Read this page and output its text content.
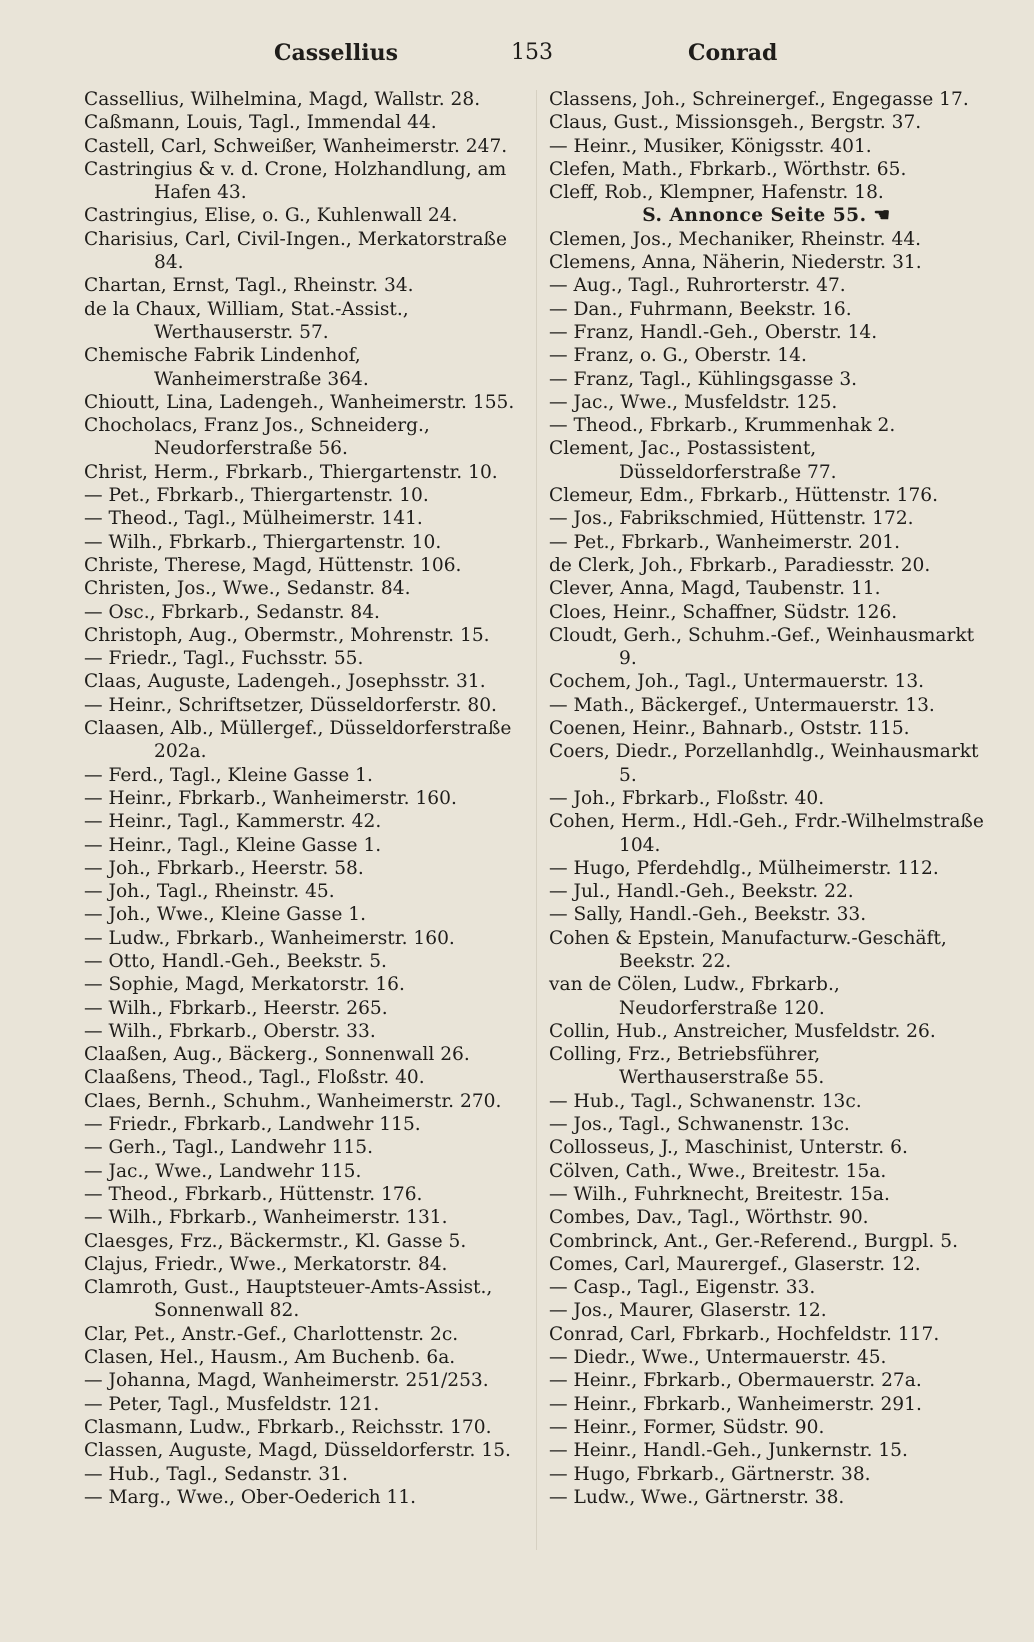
Cassellius	153	Conrad
Cassellius, Wilhelmina, Magd, Wallstr. 28.
Caßmann, Louis, Tagl., Immendal 44.
Castell, Carl, Schweißer, Wanheimerstr. 247.
Castringius & v. d. Crone, Holzhandlung, am Hafen 43.
Castringius, Elise, o. G., Kuhlenwall 24.
Charisius, Carl, Civil-Ingen., Merkatorstraße 84.
Chartan, Ernst, Tagl., Rheinstr. 34.
de la Chaux, William, Stat.-Assist., Werthauserstr. 57.
Chemische Fabrik Lindenhof, Wanheimerstraße 364.
Chioutt, Lina, Ladengeh., Wanheimerstr. 155.
Chocholacs, Franz Jos., Schneiderg., Neudorferstraße 56.
Christ, Herm., Fbrkarb., Thiergartenstr. 10.
— Pet., Fbrkarb., Thiergartenstr. 10.
— Theod., Tagl., Mülheimerstr. 141.
— Wilh., Fbrkarb., Thiergartenstr. 10.
Christe, Therese, Magd, Hüttenstr. 106.
Christen, Jos., Wwe., Sedanstr. 84.
— Osc., Fbrkarb., Sedanstr. 84.
Christoph, Aug., Obermstr., Mohrenstr. 15.
— Friedr., Tagl., Fuchsstr. 55.
Claas, Auguste, Ladengeh., Josephsstr. 31.
— Heinr., Schriftsetzer, Düsseldorferstr. 80.
Claasen, Alb., Müllergef., Düsseldorferstraße 202a.
— Ferd., Tagl., Kleine Gasse 1.
— Heinr., Fbrkarb., Wanheimerstr. 160.
— Heinr., Tagl., Kammerstr. 42.
— Heinr., Tagl., Kleine Gasse 1.
— Joh., Fbrkarb., Heerstr. 58.
— Joh., Tagl., Rheinstr. 45.
— Joh., Wwe., Kleine Gasse 1.
— Ludw., Fbrkarb., Wanheimerstr. 160.
— Otto, Handl.-Geh., Beekstr. 5.
— Sophie, Magd, Merkatorstr. 16.
— Wilh., Fbrkarb., Heerstr. 265.
— Wilh., Fbrkarb., Oberstr. 33.
Claaßen, Aug., Bäckerg., Sonnenwall 26.
Claaßens, Theod., Tagl., Floßstr. 40.
Claes, Bernh., Schuhm., Wanheimerstr. 270.
— Friedr., Fbrkarb., Landwehr 115.
— Gerh., Tagl., Landwehr 115.
— Jac., Wwe., Landwehr 115.
— Theod., Fbrkarb., Hüttenstr. 176.
— Wilh., Fbrkarb., Wanheimerstr. 131.
Claesges, Frz., Bäckermstr., Kl. Gasse 5.
Clajus, Friedr., Wwe., Merkatorstr. 84.
Clamroth, Gust., Hauptsteuer-Amts-Assist., Sonnenwall 82.
Clar, Pet., Anstr.-Gef., Charlottenstr. 2c.
Clasen, Hel., Hausm., Am Buchenb. 6a.
— Johanna, Magd, Wanheimerstr. 251/253.
— Peter, Tagl., Musfeldstr. 121.
Clasmann, Ludw., Fbrkarb., Reichsstr. 170.
Classen, Auguste, Magd, Düsseldorferstr. 15.
— Hub., Tagl., Sedanstr. 31.
— Marg., Wwe., Ober-Oederich 11.
Classens, Joh., Schreinergef., Engegasse 17.
Claus, Gust., Missionsgeh., Bergstr. 37.
— Heinr., Musiker, Königsstr. 401.
Clefen, Math., Fbrkarb., Wörthstr. 65.
Cleff, Rob., Klempner, Hafenstr. 18.
S. Annonce Seite 55. ☚
Clemen, Jos., Mechaniker, Rheinstr. 44.
Clemens, Anna, Näherin, Niederstr. 31.
— Aug., Tagl., Ruhrorterstr. 47.
— Dan., Fuhrmann, Beekstr. 16.
— Franz, Handl.-Geh., Oberstr. 14.
— Franz, o. G., Oberstr. 14.
— Franz, Tagl., Kühlingsgasse 3.
— Jac., Wwe., Musfeldstr. 125.
— Theod., Fbrkarb., Krummenhak 2.
Clement, Jac., Postassistent, Düsseldorferstraße 77.
Clemeur, Edm., Fbrkarb., Hüttenstr. 176.
— Jos., Fabrikschmied, Hüttenstr. 172.
— Pet., Fbrkarb., Wanheimerstr. 201.
de Clerk, Joh., Fbrkarb., Paradiesstr. 20.
Clever, Anna, Magd, Taubenstr. 11.
Cloes, Heinr., Schaffner, Südstr. 126.
Cloudt, Gerh., Schuhm.-Gef., Weinhausmarkt 9.
Cochem, Joh., Tagl., Untermauerstr. 13.
— Math., Bäckergef., Untermauerstr. 13.
Coenen, Heinr., Bahnarb., Oststr. 115.
Coers, Diedr., Porzellanhdlg., Weinhausmarkt 5.
— Joh., Fbrkarb., Floßstr. 40.
Cohen, Herm., Hdl.-Geh., Frdr.-Wilhelmstraße 104.
— Hugo, Pferdehdlg., Mülheimerstr. 112.
— Jul., Handl.-Geh., Beekstr. 22.
— Sally, Handl.-Geh., Beekstr. 33.
Cohen & Epstein, Manufacturw.-Geschäft, Beekstr. 22.
van de Cölen, Ludw., Fbrkarb., Neudorferstraße 120.
Collin, Hub., Anstreicher, Musfeldstr. 26.
Colling, Frz., Betriebsführer, Werthauserstraße 55.
— Hub., Tagl., Schwanenstr. 13c.
— Jos., Tagl., Schwanenstr. 13c.
Collosseus, J., Maschinist, Unterstr. 6.
Cölven, Cath., Wwe., Breitestr. 15a.
— Wilh., Fuhrknecht, Breitestr. 15a.
Combes, Dav., Tagl., Wörthstr. 90.
Combrinck, Ant., Ger.-Referend., Burgpl. 5.
Comes, Carl, Maurergef., Glaserstr. 12.
— Casp., Tagl., Eigenstr. 33.
— Jos., Maurer, Glaserstr. 12.
Conrad, Carl, Fbrkarb., Hochfeldstr. 117.
— Diedr., Wwe., Untermauerstr. 45.
— Heinr., Fbrkarb., Obermauerstr. 27a.
— Heinr., Fbrkarb., Wanheimerstr. 291.
— Heinr., Former, Südstr. 90.
— Heinr., Handl.-Geh., Junkernstr. 15.
— Hugo, Fbrkarb., Gärtnerstr. 38.
— Ludw., Wwe., Gärtnerstr. 38.
